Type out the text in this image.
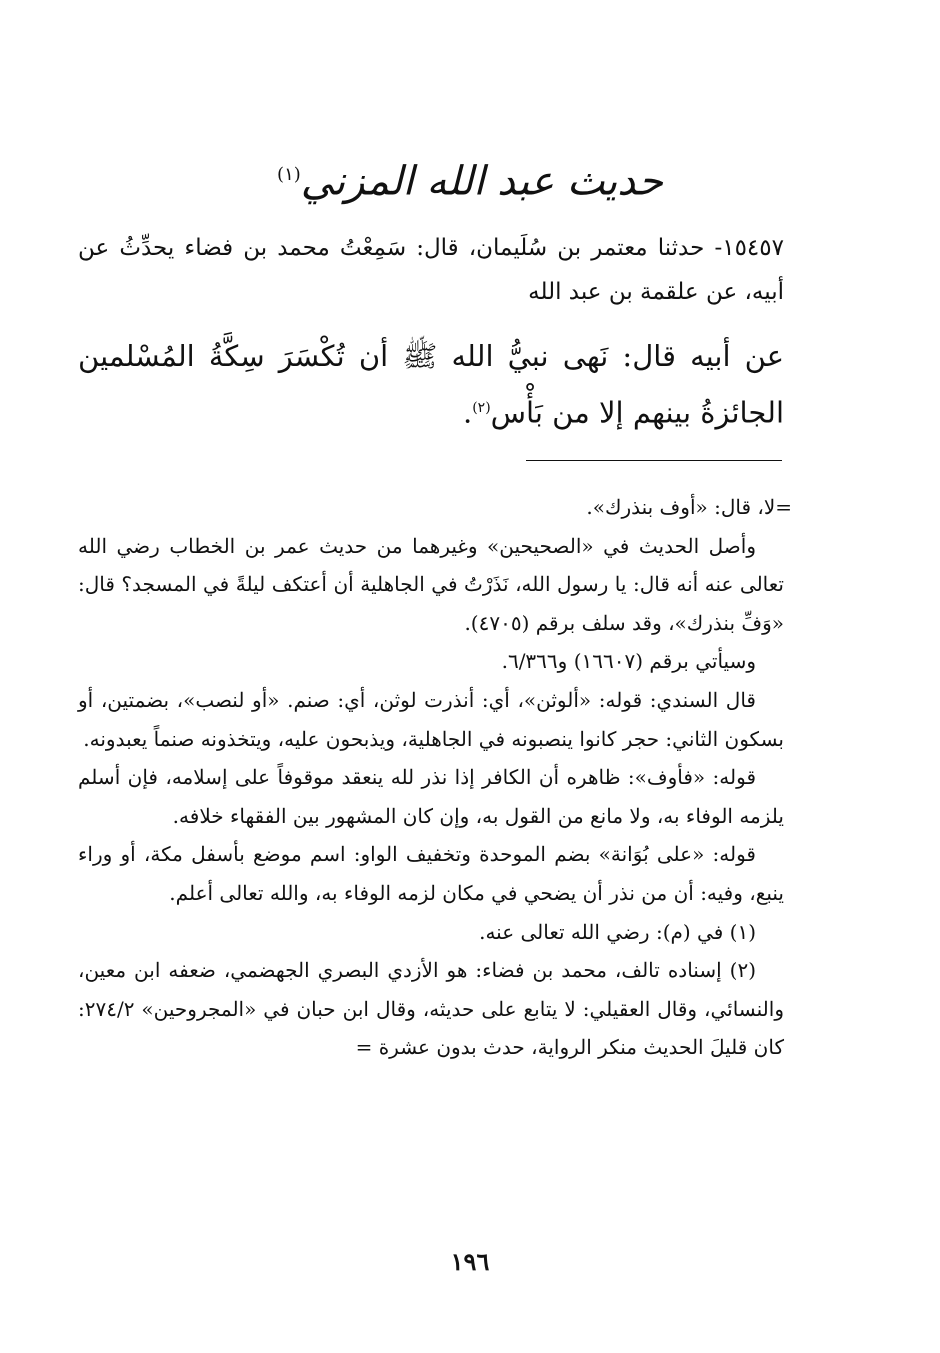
حديث عبد الله المزني$^{(١)}$
١٥٤٥٧- حدثنا معتمر بن سُلَيمان، قال: سَمِعْتُ محمد بن فضاء يحدِّثُ عن أبيه، عن علقمة بن عبد الله
عن أبيه قال: نَهى نبيُّ الله ﷺ أن تُكْسَرَ سِكَّةُ المُسْلمين الجائزةُ بينهم إلا من بَأْس$^{(٢)}$.

=لا، قال: «أوف بنذرك».

وأصل الحديث في «الصحيحين» وغيرهما من حديث عمر بن الخطاب رضي الله تعالى عنه أنه قال: يا رسول الله، نَذَرْتُ في الجاهلية أن أعتكف ليلةً في المسجد؟ قال: «وَفِّ بنذرك»، وقد سلف برقم (٤٧٠٥).

وسيأتي برقم (١٦٦٠٧) و٦/٣٦٦.

قال السندي: قوله: «ألوثن»، أي: أنذرت لوثن، أي: صنم. «أو لنصب»، بضمتين، أو بسكون الثاني: حجر كانوا ينصبونه في الجاهلية، ويذبحون عليه، ويتخذونه صنماً يعبدونه.

قوله: «فأوف»: ظاهره أن الكافر إذا نذر لله ينعقد موقوفاً على إسلامه، فإن أسلم يلزمه الوفاء به، ولا مانع من القول به، وإن كان المشهور بين الفقهاء خلافه.

قوله: «على بُوَانة» بضم الموحدة وتخفيف الواو: اسم موضع بأسفل مكة، أو وراء ينبع، وفيه: أن من نذر أن يضحي في مكان لزمه الوفاء به، والله تعالى أعلم.

(١) في (م): رضي الله تعالى عنه.

(٢) إسناده تالف، محمد بن فضاء: هو الأزدي البصري الجهضمي، ضعفه ابن معين، والنسائي، وقال العقيلي: لا يتابع على حديثه، وقال ابن حبان في «المجروحين» ٢٧٤/٢: كان قليلَ الحديث منكر الرواية، حدث بدون عشرة =

١٩٦
